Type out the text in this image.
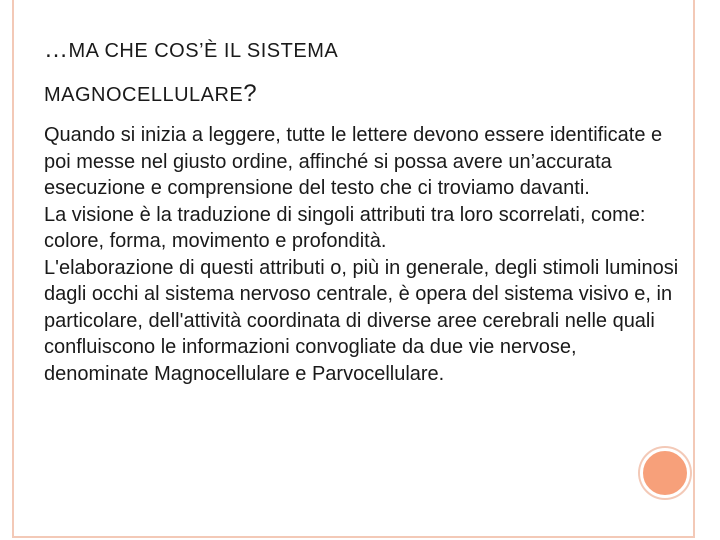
…MA CHE COS’È IL SISTEMA
MAGNOCELLULARE?

Quando si inizia a leggere, tutte le lettere devono essere identificate e poi messe nel giusto ordine, affinché si possa avere un’accurata esecuzione e comprensione del testo che ci troviamo davanti.

La visione è la traduzione di singoli attributi tra loro scorrelati, come: colore, forma, movimento e profondità.

L'elaborazione di questi attributi o, più in generale, degli stimoli luminosi dagli occhi al sistema nervoso centrale, è opera del sistema visivo e, in particolare, dell'attività coordinata di diverse aree cerebrali nelle quali confluiscono le informazioni convogliate da due vie nervose, denominate Magnocellulare e Parvocellulare.
